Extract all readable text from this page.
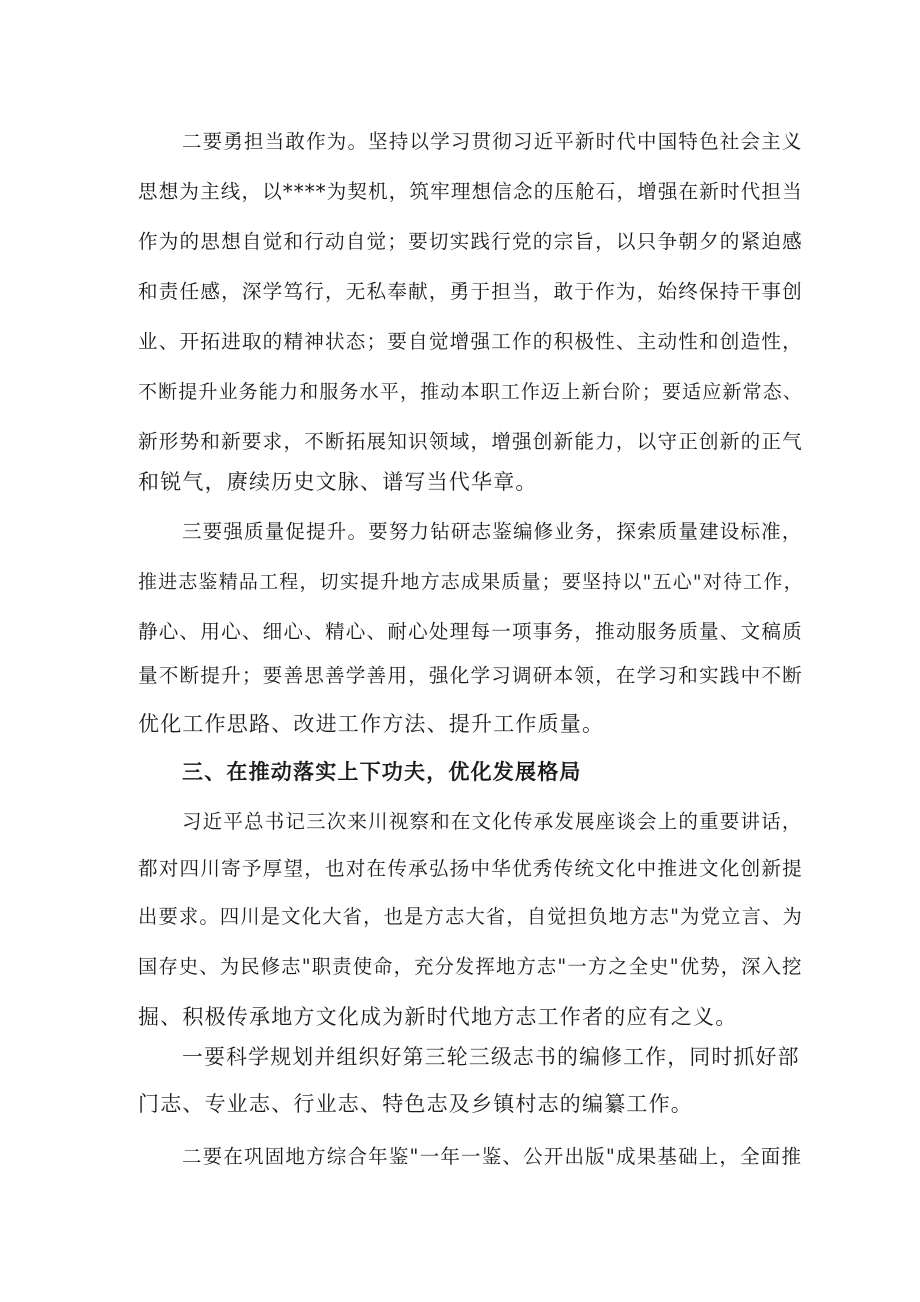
二要勇担当敢作为。坚持以学习贯彻习近平新时代中国特色社会主义
思想为主线，以****为契机，筑牢理想信念的压舱石，增强在新时代担当
作为的思想自觉和行动自觉；要切实践行党的宗旨，以只争朝夕的紧迫感
和责任感，深学笃行，无私奉献，勇于担当，敢于作为，始终保持干事创
业、开拓进取的精神状态；要自觉增强工作的积极性、主动性和创造性，
不断提升业务能力和服务水平，推动本职工作迈上新台阶；要适应新常态、
新形势和新要求，不断拓展知识领域，增强创新能力，以守正创新的正气
和锐气，赓续历史文脉、谱写当代华章。
三要强质量促提升。要努力钻研志鉴编修业务，探索质量建设标准，
推进志鉴精品工程，切实提升地方志成果质量；要坚持以"五心"对待工作，
静心、用心、细心、精心、耐心处理每一项事务，推动服务质量、文稿质
量不断提升；要善思善学善用，强化学习调研本领，在学习和实践中不断
优化工作思路、改进工作方法、提升工作质量。
三、在推动落实上下功夫，优化发展格局
习近平总书记三次来川视察和在文化传承发展座谈会上的重要讲话，
都对四川寄予厚望，也对在传承弘扬中华优秀传统文化中推进文化创新提
出要求。四川是文化大省，也是方志大省，自觉担负地方志"为党立言、为
国存史、为民修志"职责使命，充分发挥地方志"一方之全史"优势，深入挖
掘、积极传承地方文化成为新时代地方志工作者的应有之义。
一要科学规划并组织好第三轮三级志书的编修工作，同时抓好部
门志、专业志、行业志、特色志及乡镇村志的编纂工作。
二要在巩固地方综合年鉴"一年一鉴、公开出版"成果基础上，全面推
